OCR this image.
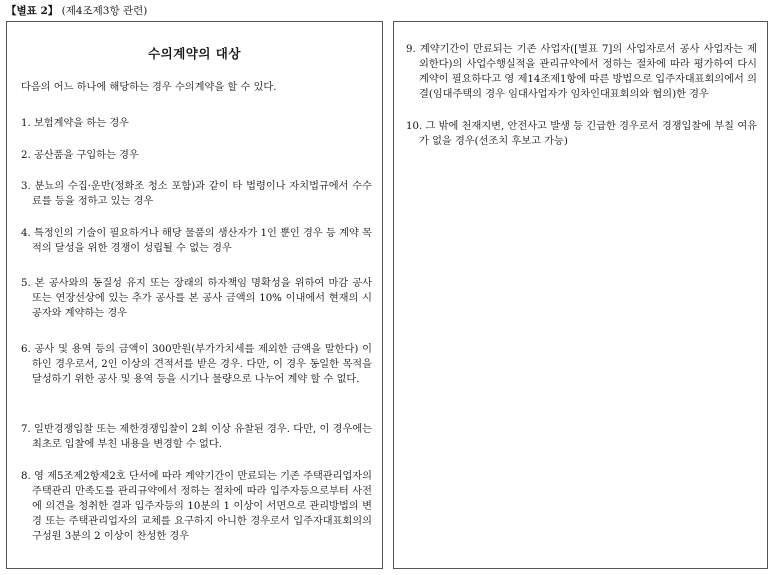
【별표 2】 (제4조제3항 관련)
수의계약의 대상
다음의 어느 하나에 해당하는 경우 수의계약을 할 수 있다.
1. 보험계약을 하는 경우
2. 공산품을 구입하는 경우
3. 분뇨의 수집·운반(정화조 청소 포함)과 같이 타 법령이나 자치법규에서 수수료를 등을 정하고 있는 경우
4. 특정인의 기술이 필요하거나 해당 물품의 생산자가 1인 뿐인 경우 등 계약 목적의 달성을 위한 경쟁이 성립될 수 없는 경우
5. 본 공사와의 동질성 유지 또는 장래의 하자책임 명확성을 위하여 마감 공사 또는 연장선상에 있는 추가 공사를 본 공사 금액의 10% 이내에서 현재의 시공자와 계약하는 경우
6. 공사 및 용역 등의 금액이 300만원(부가가치세를 제외한 금액을 말한다) 이하인 경우로서, 2인 이상의 견적서를 받은 경우. 다만, 이 경우 동일한 목적을 달성하기 위한 공사 및 용역 등을 시기나 물량으로 나누어 계약 할 수 없다.
7. 일반경쟁입찰 또는 제한경쟁입찰이 2회 이상 유찰된 경우. 다만, 이 경우에는 최초로 입찰에 부친 내용을 변경할 수 없다.
8. 영 제5조제2항제2호 단서에 따라 계약기간이 만료되는 기존 주택관리업자의 주택관리 만족도를 관리규약에서 정하는 절차에 따라 입주자등으로부터 사전에 의견을 청취한 결과 입주자등의 10분의 1 이상이 서면으로 관리방법의 변경 또는 주택관리업자의 교체를 요구하지 아니한 경우로서 입주자대표회의의 구성원 3분의 2 이상이 찬성한 경우
9. 계약기간이 만료되는 기존 사업자([별표 7]의 사업자로서 공사 사업자는 제외한다)의 사업수행실적을 관리규약에서 정하는 절차에 따라 평가하여 다시 계약이 필요하다고 영 제14조제1항에 따른 방법으로 입주자대표회의에서 의결(임대주택의 경우 임대사업자가 임차인대표회의와 협의)한 경우
10. 그 밖에 천재지변, 안전사고 발생 등 긴급한 경우로서 경쟁입찰에 부칠 여유가 없을 경우(선조치 후보고 가능)
